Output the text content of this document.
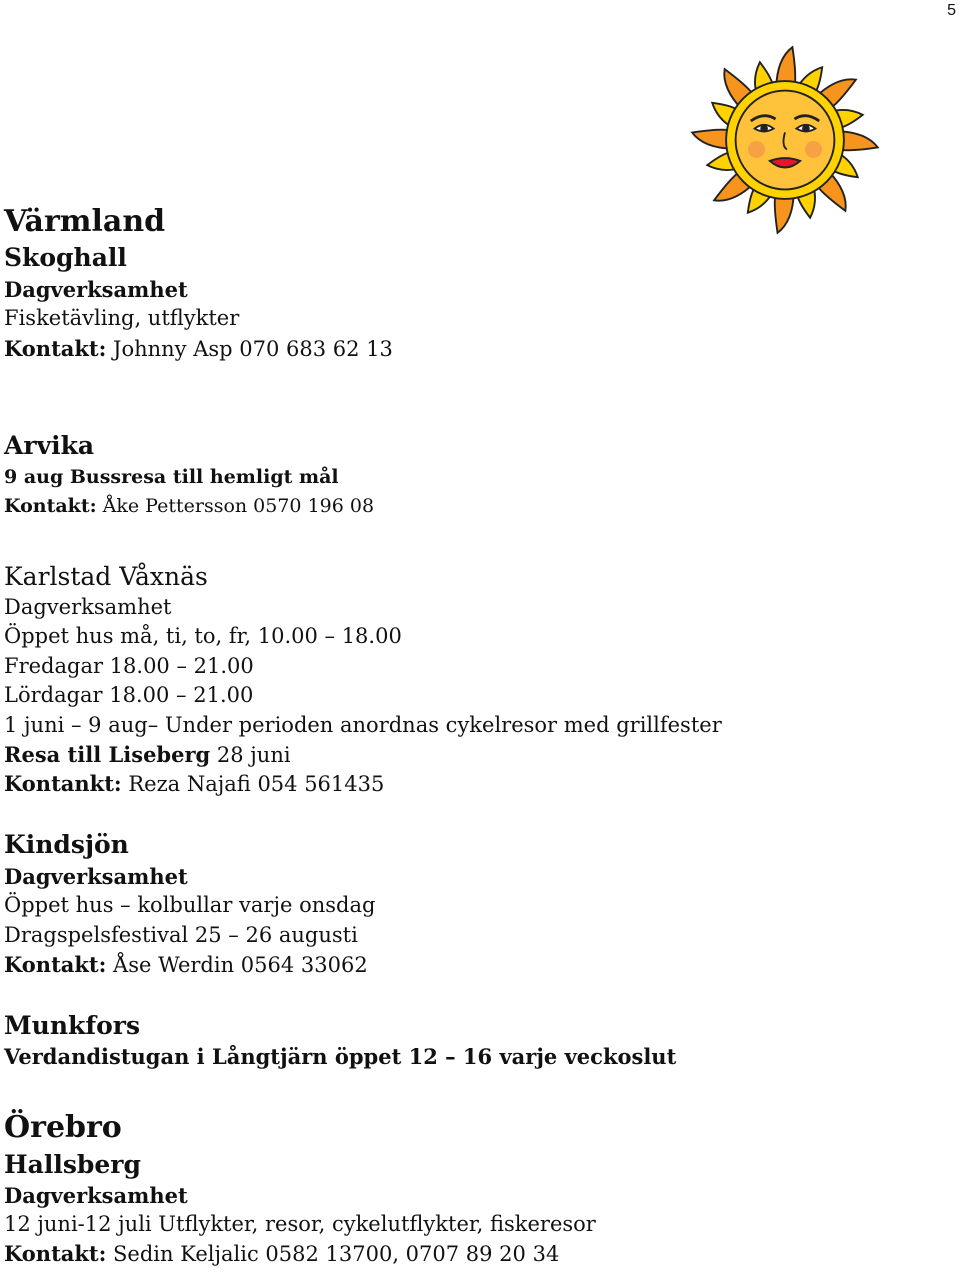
5
Värmland
Skoghall
Dagverksamhet
Fisketävling, utflykter
Kontakt: Johnny Asp 070 683 62 13
Arvika
9 aug Bussresa till hemligt mål
Kontakt: Åke Pettersson 0570 196 08
Karlstad Våxnäs
Dagverksamhet
Öppet hus må, ti, to, fr, 10.00 – 18.00
Fredagar 18.00 – 21.00
Lördagar 18.00 – 21.00
1 juni – 9 aug– Under perioden anordnas cykelresor med grillfester
Resa till Liseberg 28 juni
Kontankt: Reza Najafi 054 561435
Kindsjön
Dagverksamhet
Öppet hus – kolbullar varje onsdag
Dragspelsfestival 25 – 26 augusti
Kontakt: Åse Werdin 0564 33062
Munkfors
Verdandistugan i Långtjärn öppet 12 – 16 varje veckoslut
Örebro
Hallsberg
Dagverksamhet
12 juni-12 juli Utflykter, resor, cykelutflykter, fiskeresor
Kontakt: Sedin Keljalic 0582 13700, 0707 89 20 34
